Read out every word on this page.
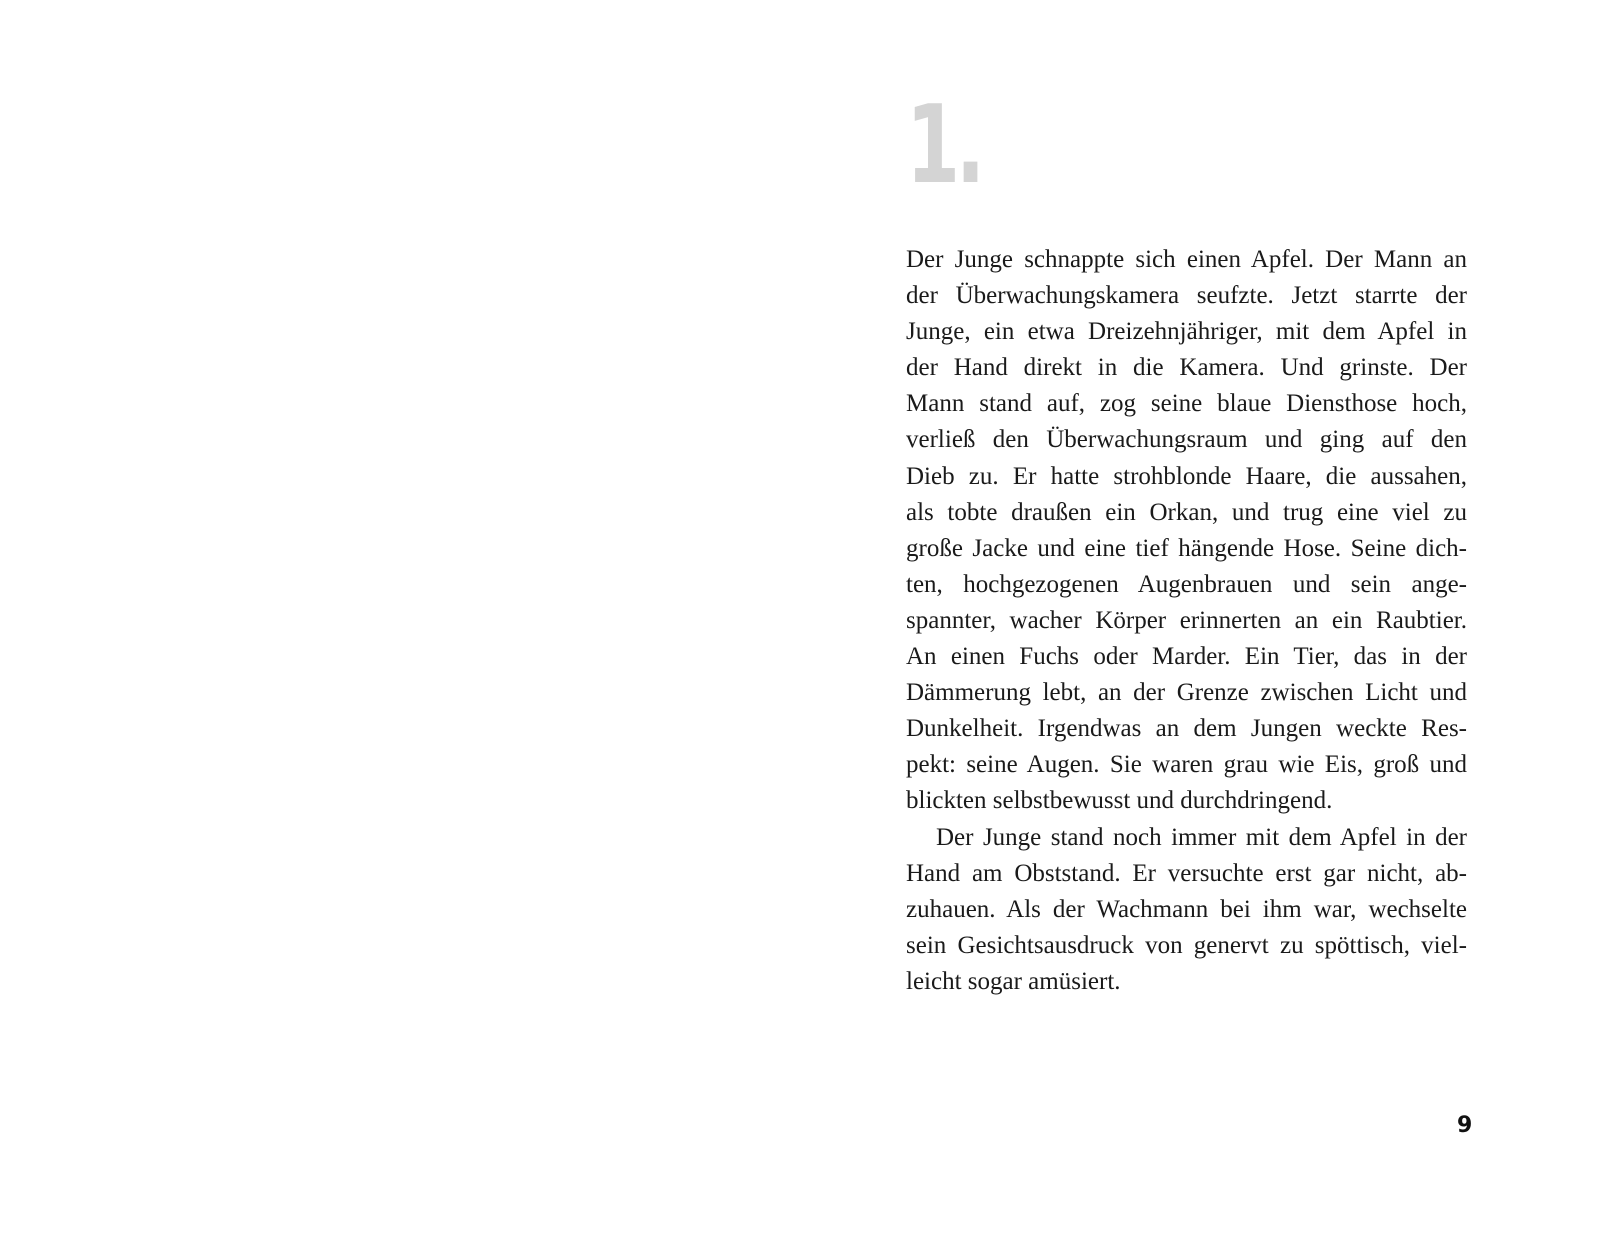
1.
Der Junge schnappte sich einen Apfel. Der Mann an
der Überwachungskamera seufzte. Jetzt starrte der
Junge, ein etwa Dreizehnjähriger, mit dem Apfel in
der Hand direkt in die Kamera. Und grinste. Der
Mann stand auf, zog seine blaue Diensthose hoch,
verließ den Überwachungsraum und ging auf den
Dieb zu. Er hatte strohblonde Haare, die aussahen,
als tobte draußen ein Orkan, und trug eine viel zu
große Jacke und eine tief hängende Hose. Seine dich-
ten, hochgezogenen Augenbrauen und sein ange-
spannter, wacher Körper erinnerten an ein Raubtier.
An einen Fuchs oder Marder. Ein Tier, das in der
Dämmerung lebt, an der Grenze zwischen Licht und
Dunkelheit. Irgendwas an dem Jungen weckte Res-
pekt: seine Augen. Sie waren grau wie Eis, groß und
blickten selbstbewusst und durchdringend.
Der Junge stand noch immer mit dem Apfel in der
Hand am Obststand. Er versuchte erst gar nicht, ab-
zuhauen. Als der Wachmann bei ihm war, wechselte
sein Gesichtsausdruck von genervt zu spöttisch, viel-
leicht sogar amüsiert.
9
